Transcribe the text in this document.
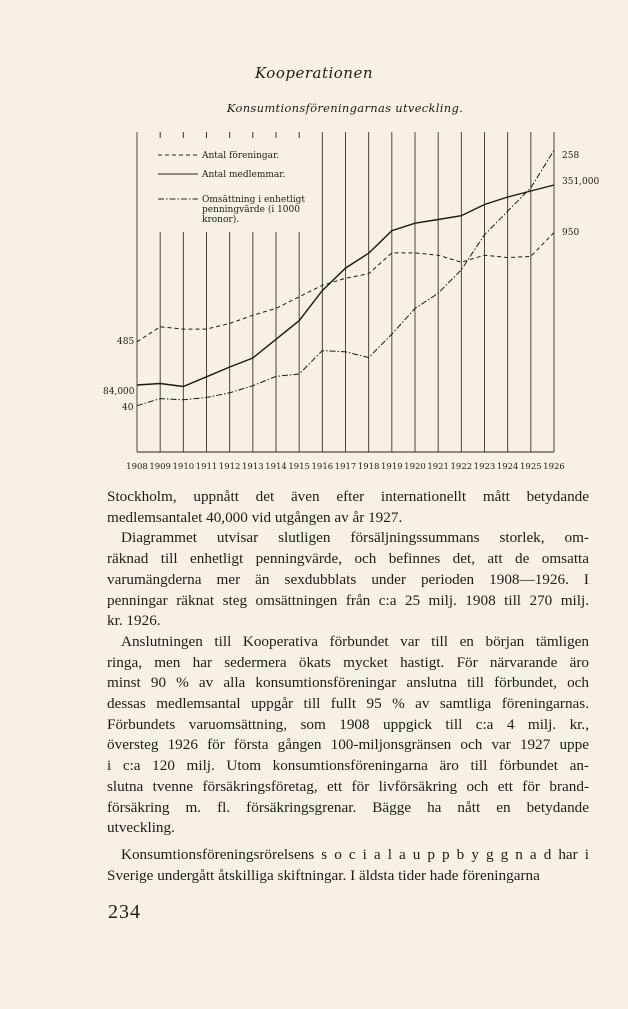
Kooperationen
Konsumtionsföreningarnas utveckling.
Antal föreningar.
Antal medlemmar.
Omsättning i enhetligt
penningvärde (i 1000
kronor).
1908 1909 1910 1911 1912 1913 1914 1915 1916 1917 1918 1919 1920 1921 1922 1923 1924 1925 1926
485
84,000
40
258
351,000
950

Stockholm, uppnått det även efter internationellt mått betydande

medlemsantalet 40,000 vid utgången av år 1927.

Diagrammet utvisar slutligen försäljningssummans storlek, om-

räknad till enhetligt penningvärde, och befinnes det, att de omsatta

varumängderna mer än sexdubblats under perioden 1908—1926. I

penningar räknat steg omsättningen från c:a 25 milj. 1908 till 270 milj.

kr. 1926.

Anslutningen till Kooperativa förbundet var till en början tämligen

ringa, men har sedermera ökats mycket hastigt. För närvarande äro

minst 90 % av alla konsumtionsföreningar anslutna till förbundet, och

dessas medlemsantal uppgår till fullt 95 % av samtliga föreningarnas.

Förbundets varuomsättning, som 1908 uppgick till c:a 4 milj. kr.,

översteg 1926 för första gången 100-miljonsgränsen och var 1927 uppe

i c:a 120 milj. Utom konsumtionsföreningarna äro till förbundet an-

slutna tvenne försäkringsföretag, ett för livförsäkring och ett för brand-

försäkring m. fl. försäkringsgrenar. Bägge ha nått en betydande

utveckling.

Konsumtionsföreningsrörelsens s o c i a l a u p p b y g g n a d har i

Sverige undergått åtskilliga skiftningar. I äldsta tider hade föreningarna

234
